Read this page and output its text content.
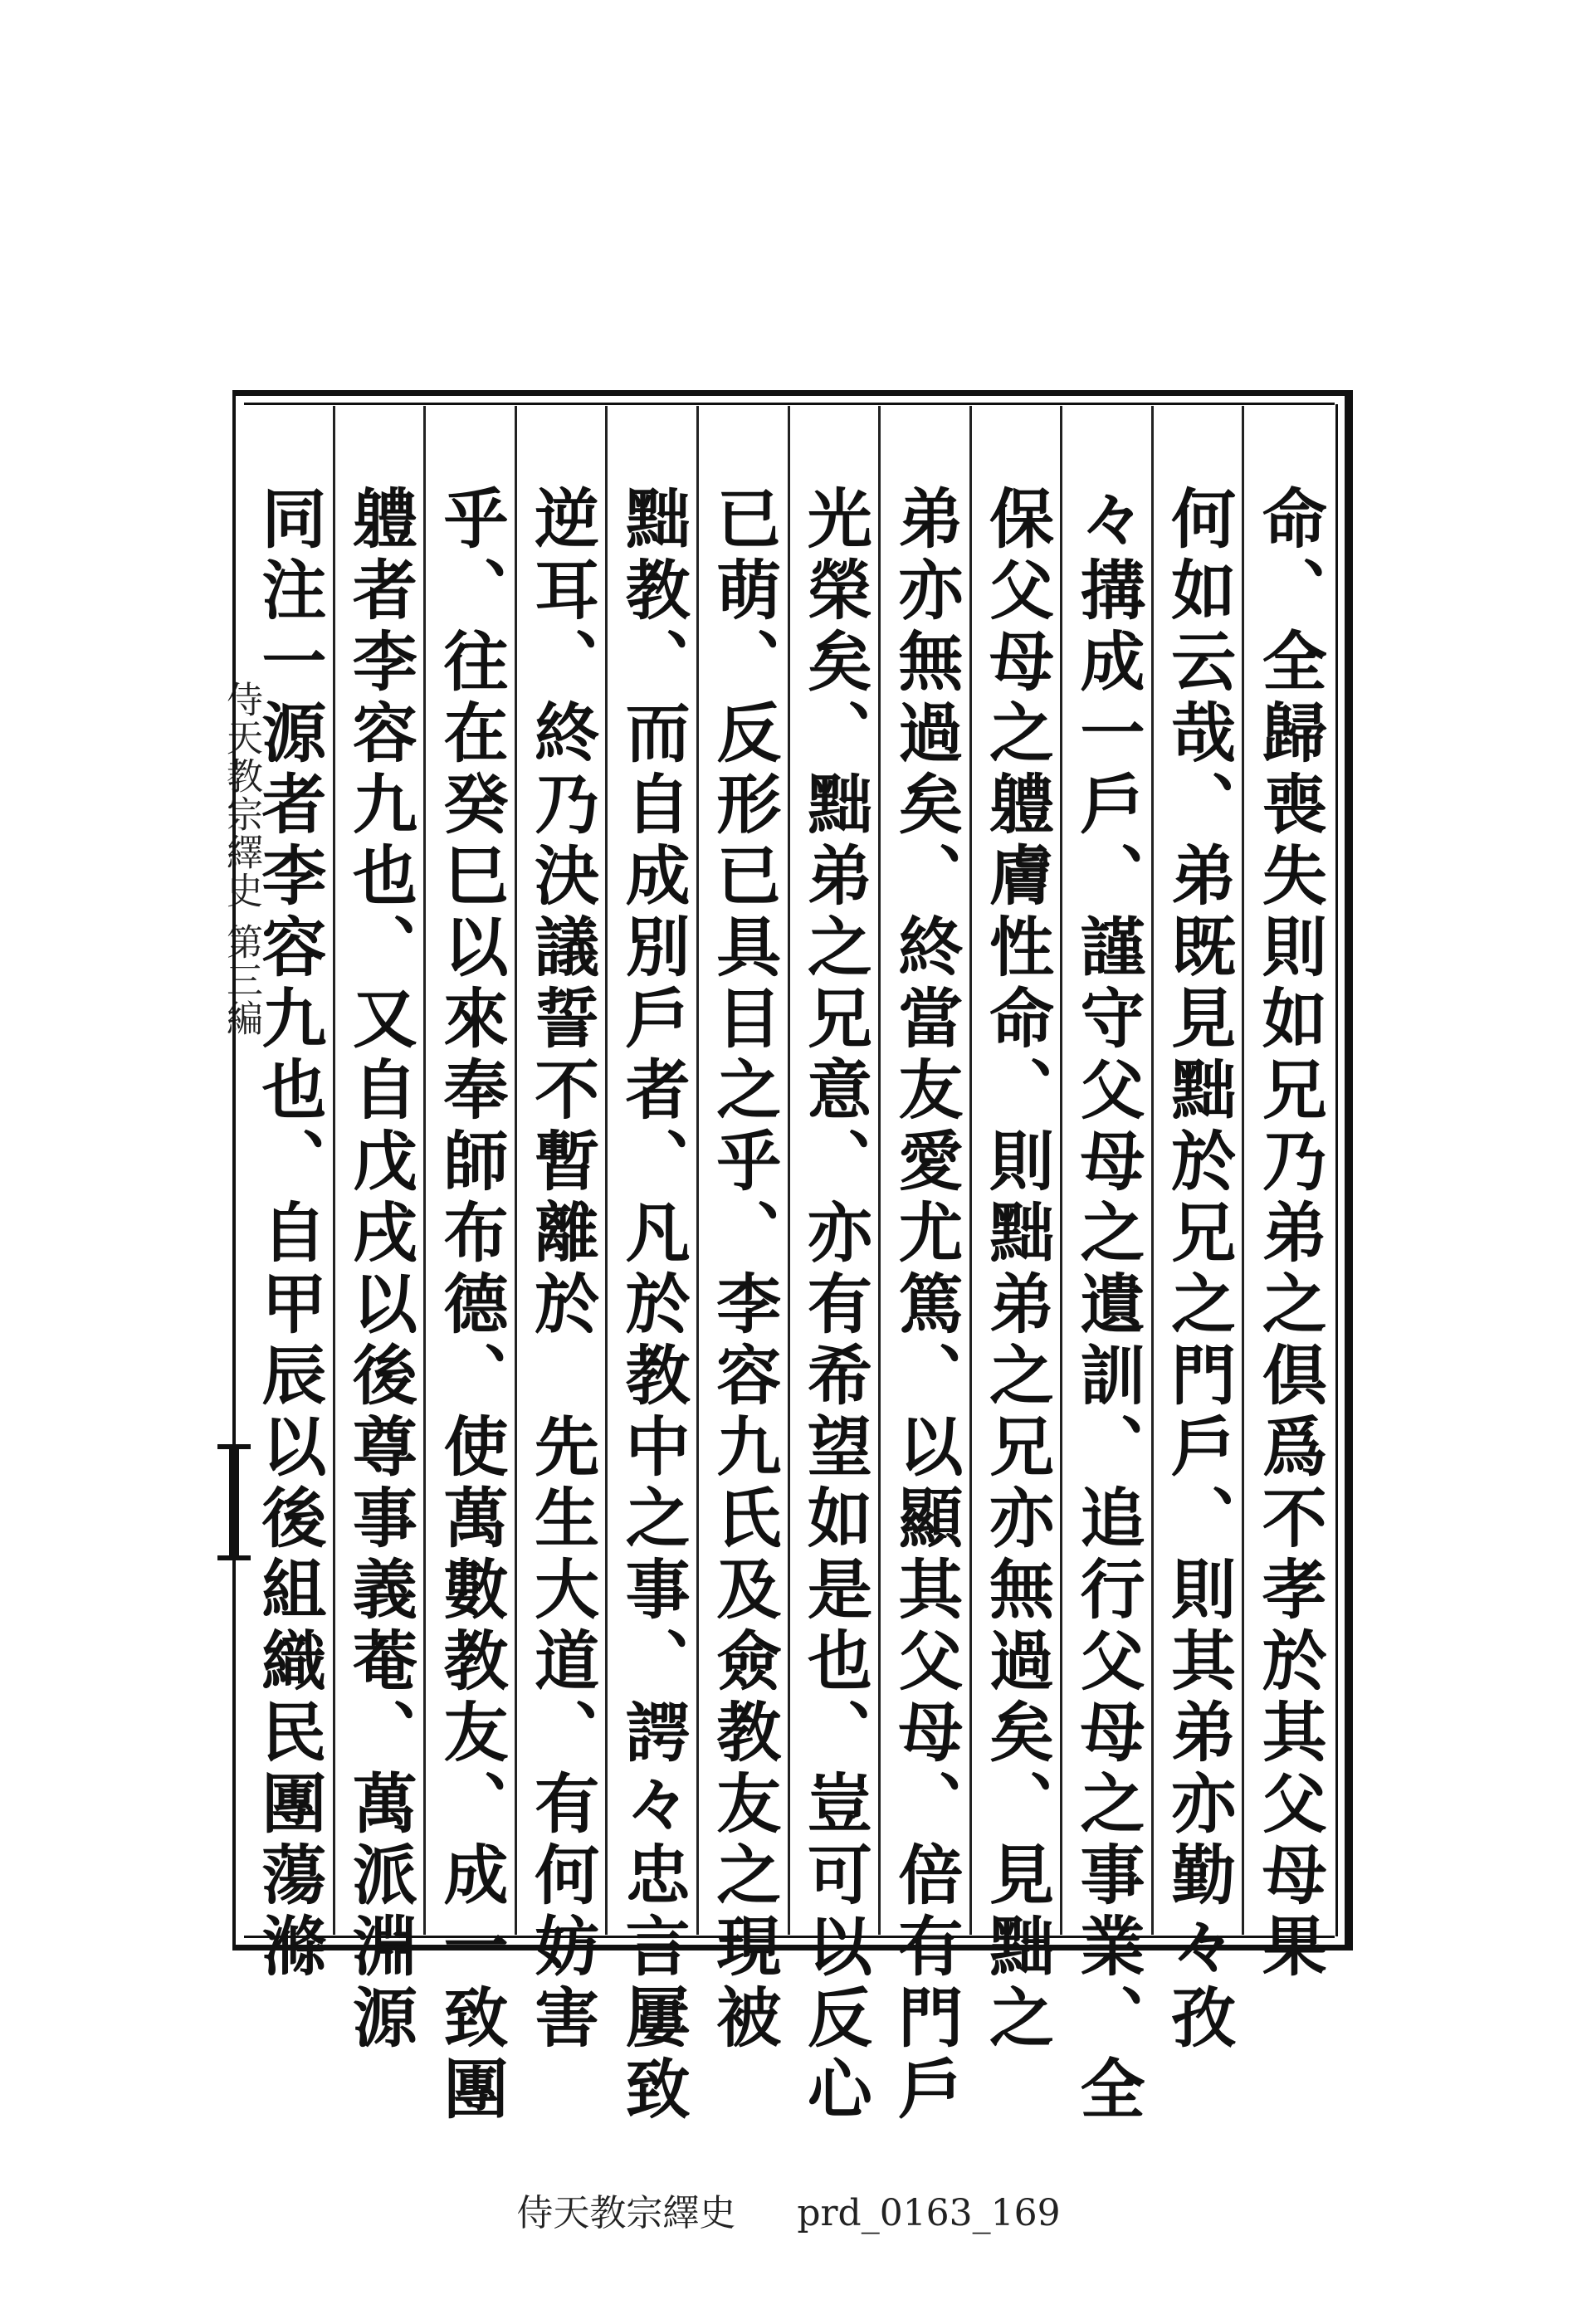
侍天教宗繹史 第三編	命、全歸喪失則如兄乃弟之倶爲不孝於其父母果
何如云哉、弟既見黜於兄之門戶、則其弟亦勤々孜
々搆成一戶、謹守父母之遺訓、追行父母之事業、全
保父母之軆膚性命、則黜弟之兄亦無過矣、見黜之
弟亦無過矣、終當友愛尤篤、以顯其父母、倍有門戶
光榮矣、黜弟之兄意、亦有希望如是也、豈可以反心
已萌、反形已具目之乎、李容九氏及僉教友之現被
黜教、而自成別戶者、凡於教中之事、諤々忠言屢致
逆耳、終乃決議誓不暫離於　先生大道、有何妨害
乎、往在癸巳以來奉師布德、使萬數教友、成一致團
軆者李容九也、又自戊戌以後尊事義菴、萬派淵源
同注一源者李容九也、自甲辰以後組織民團蕩滌
侍天教宗繹史 prd_0163_169
